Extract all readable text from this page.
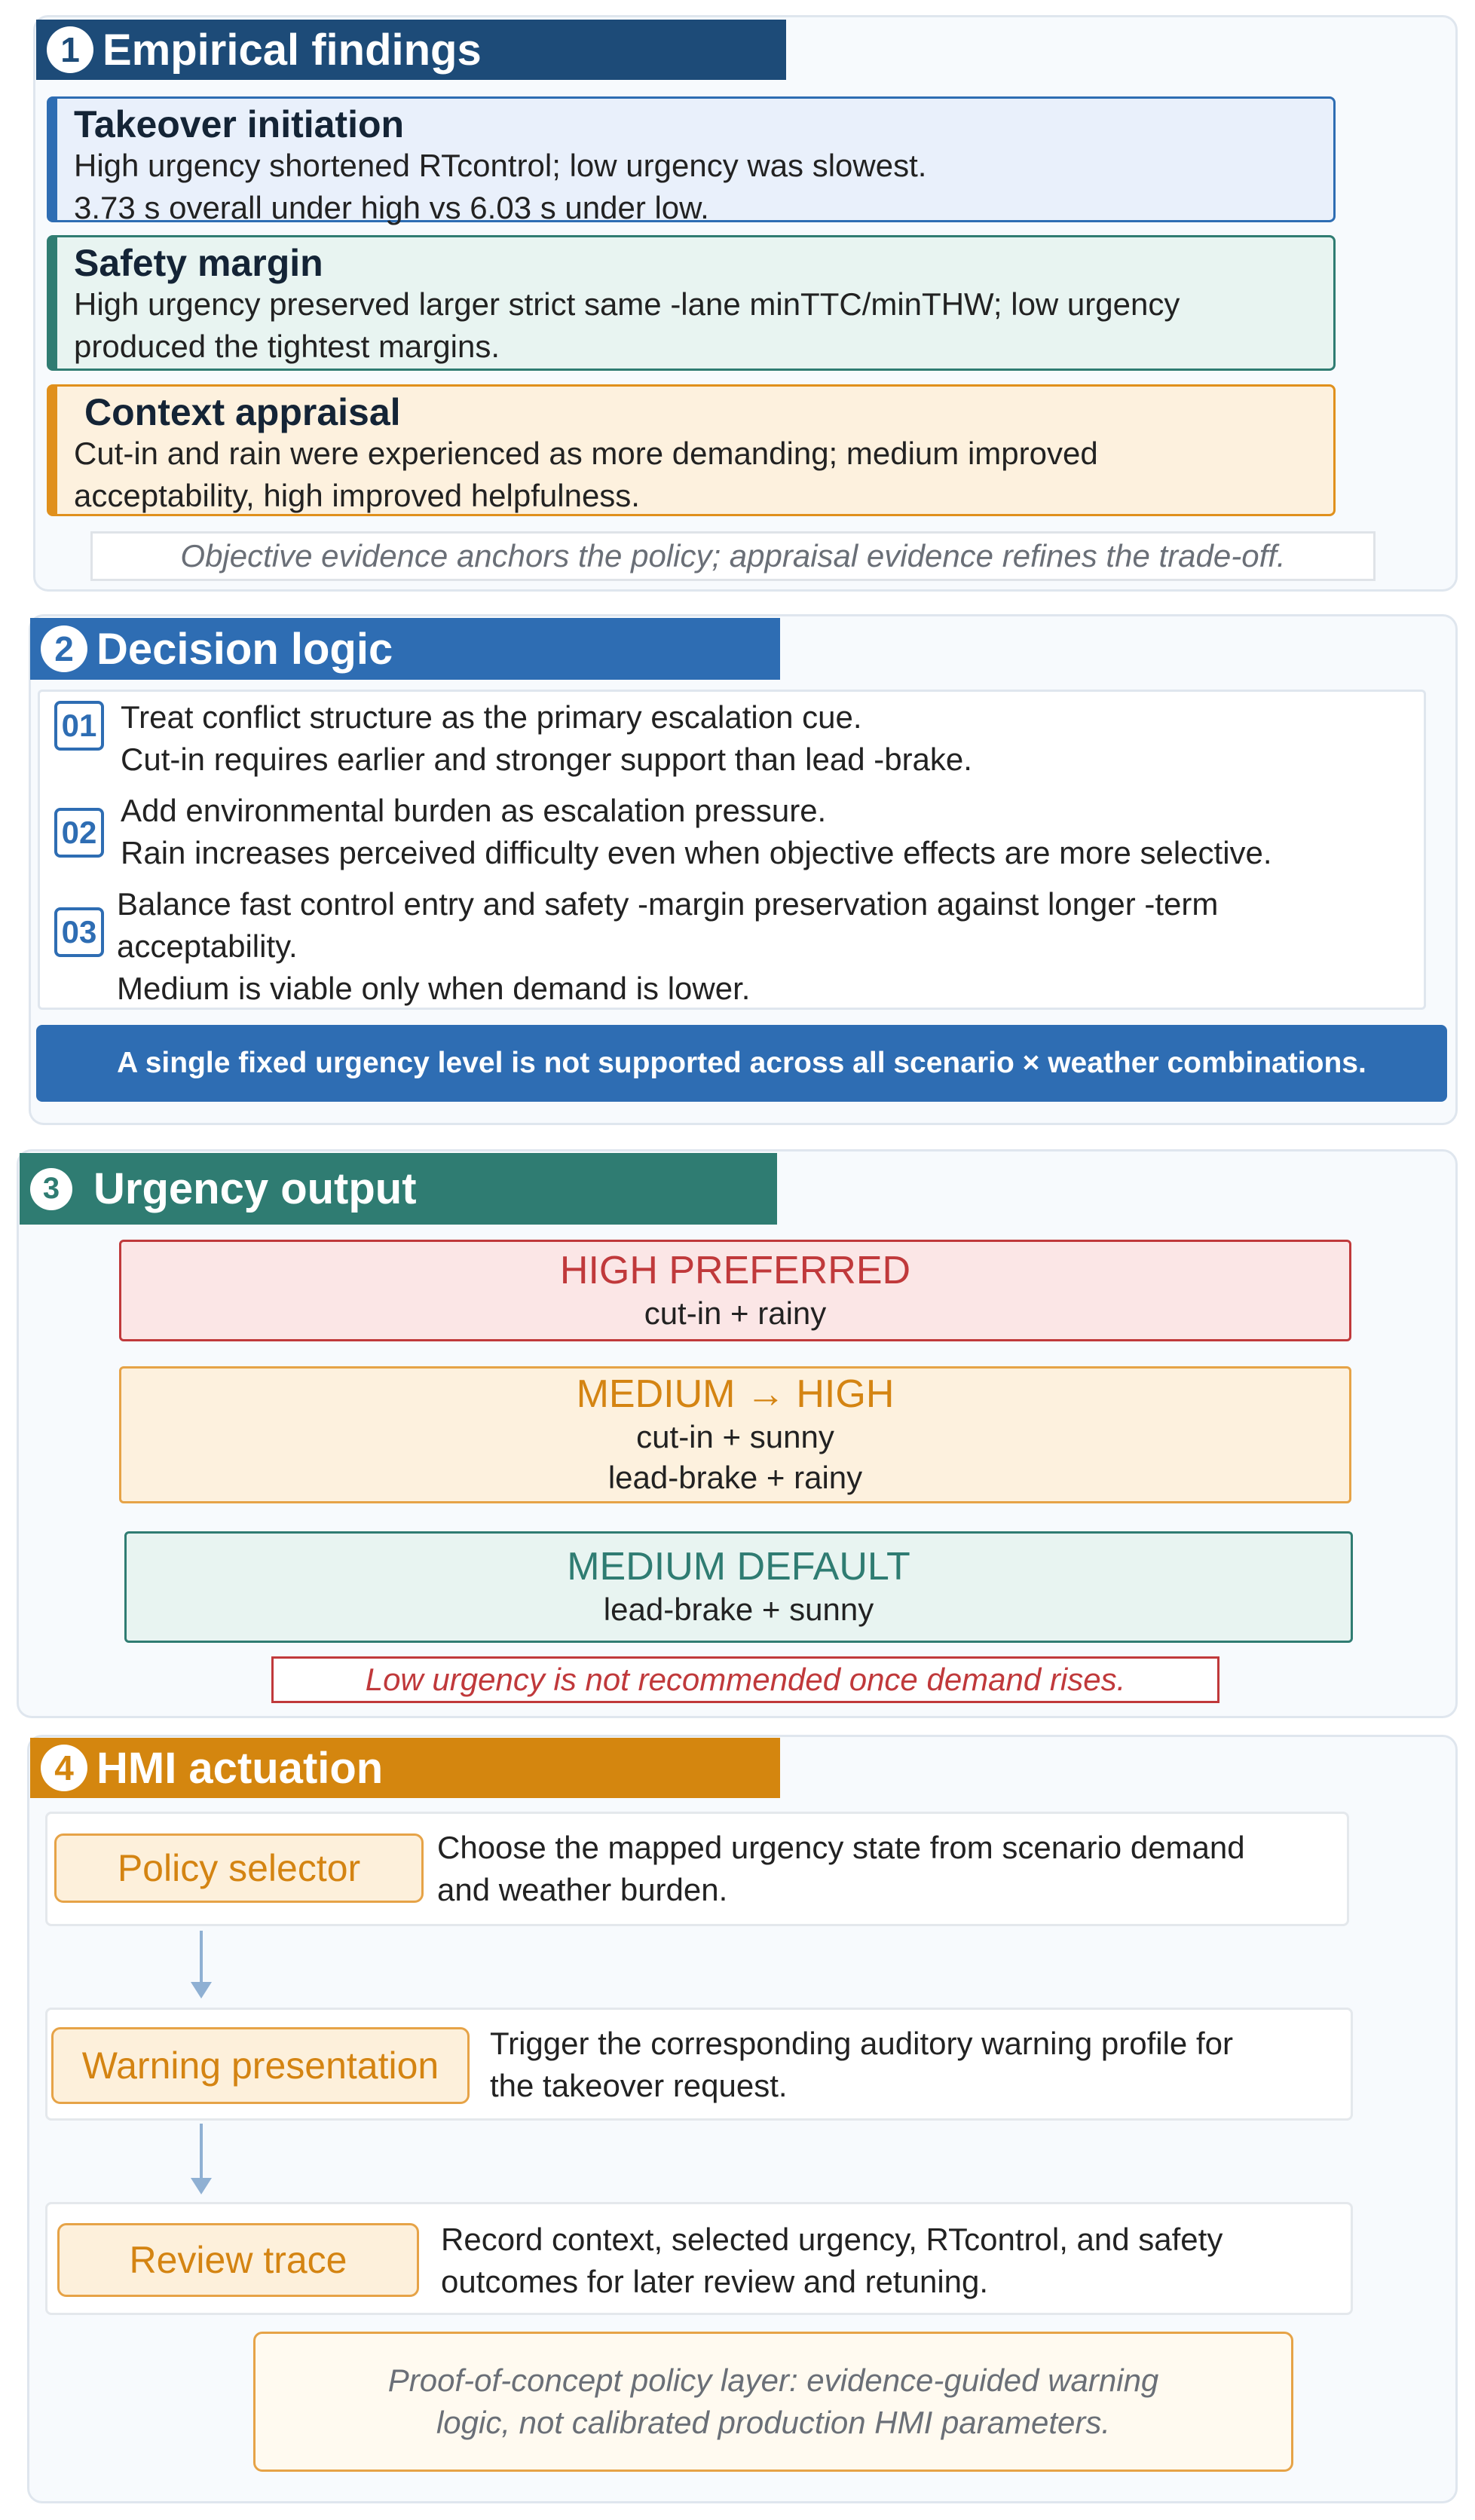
1 Empirical findings
Takeover initiation
High urgency shortened RTcontrol; low urgency was slowest.
3.73 s overall under high vs 6.03 s under low.
Safety margin
High urgency preserved larger strict same -lane minTTC/minTHW; low urgency
produced the tightest margins.
Context appraisal
Cut-in and rain were experienced as more demanding; medium improved
acceptability, high improved helpfulness.
Objective evidence anchors the policy; appraisal evidence refines the trade-off.
2 Decision logic
01 Treat conflict structure as the primary escalation cue.
Cut-in requires earlier and stronger support than lead -brake.
02
Add environmental burden as escalation pressure.
Rain increases perceived difficulty even when objective effects are more selective.
03
Balance fast control entry and safety -margin preservation against longer -term
acceptability.
Medium is viable only when demand is lower.
A single fixed urgency level is not supported across all scenario × weather combinations.
3 Urgency output
HIGH PREFERRED
cut-in + rainy
MEDIUM → HIGH
cut-in + sunny
lead-brake + rainy
MEDIUM DEFAULT
lead-brake + sunny
Low urgency is not recommended once demand rises.
4 HMI actuation
Policy selector	Choose the mapped urgency state from scenario demand
and weather burden.
Warning presentation
Trigger the corresponding auditory warning profile for
the takeover request.
Review trace	Record context, selected urgency, RTcontrol, and safety
outcomes for later review and retuning.
Proof-of-concept policy layer: evidence-guided warning
logic, not calibrated production HMI parameters.
